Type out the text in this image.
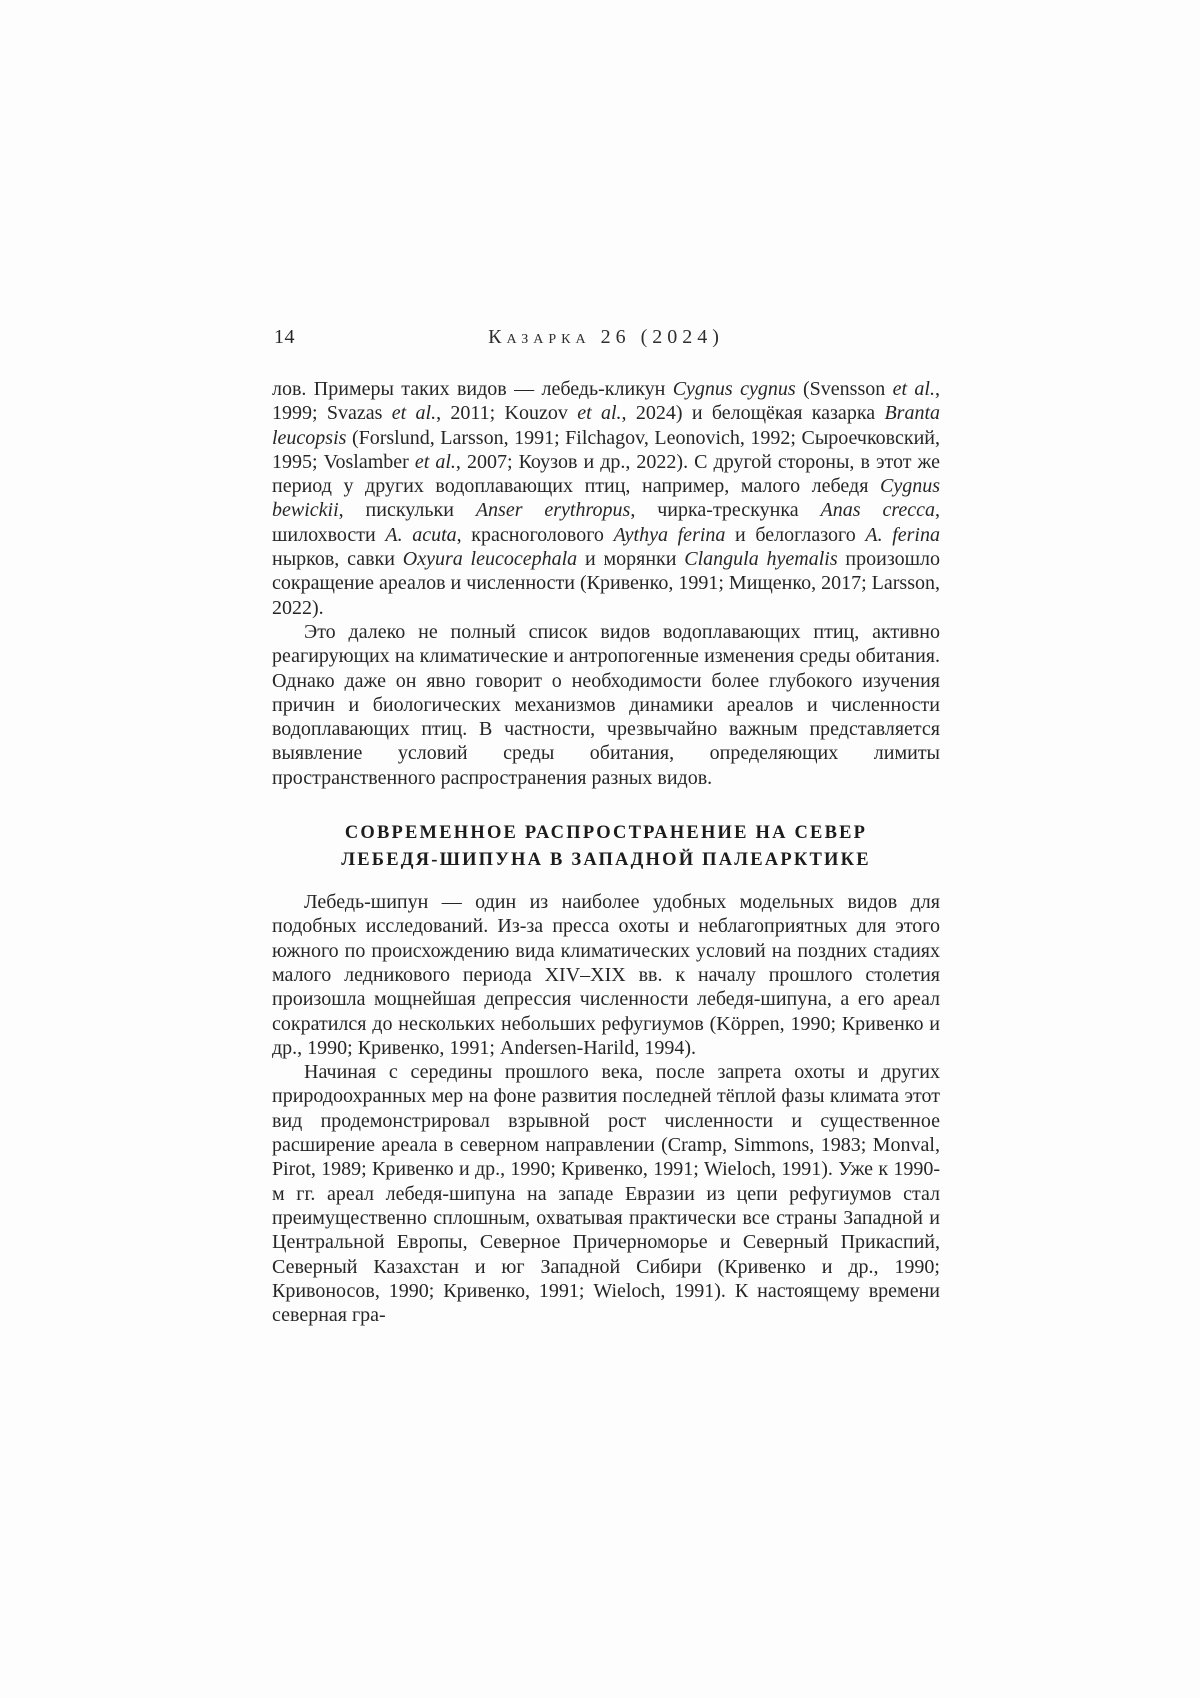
14	Казарка 26 (2024)

лов. Примеры таких видов — лебедь-кликун Cygnus cygnus (Svensson et al., 1999; Svazas et al., 2011; Kouzov et al., 2024) и белощёкая казарка Branta leucopsis (Forslund, Larsson, 1991; Filchagov, Leonovich, 1992; Сыроечковский, 1995; Voslamber et al., 2007; Коузов и др., 2022). С другой стороны, в этот же период у других водоплавающих птиц, например, малого лебедя Cygnus bewickii, пискульки Anser erythropus, чирка-трескунка Anas crecca, шилохвости A. acuta, красноголового Aythya ferina и белоглазого A. ferina нырков, савки Oxyura leucocephala и морянки Clangula hyemalis произошло сокращение ареалов и численности (Кривенко, 1991; Мищенко, 2017; Larsson, 2022).

Это далеко не полный список видов водоплавающих птиц, активно реагирующих на климатические и антропогенные изменения среды обитания. Однако даже он явно говорит о необходимости более глубокого изучения причин и биологических механизмов динамики ареалов и численности водоплавающих птиц. В частности, чрезвычайно важным представляется выявление условий среды обитания, определяющих лимиты пространственного распространения разных видов.

СОВРЕМЕННОЕ РАСПРОСТРАНЕНИЕ НА СЕВЕР
ЛЕБЕДЯ-ШИПУНА В ЗАПАДНОЙ ПАЛЕАРКТИКЕ

Лебедь-шипун — один из наиболее удобных модельных видов для подобных исследований. Из-за пресса охоты и неблагоприятных для этого южного по происхождению вида климатических условий на поздних стадиях малого ледникового периода XIV–XIX вв. к началу прошлого столетия произошла мощнейшая депрессия численности лебедя-шипуна, а его ареал сократился до нескольких небольших рефугиумов (Köppen, 1990; Кривенко и др., 1990; Кривенко, 1991; Andersen-Harild, 1994).

Начиная с середины прошлого века, после запрета охоты и других природоохранных мер на фоне развития последней тёплой фазы климата этот вид продемонстрировал взрывной рост численности и существенное расширение ареала в северном направлении (Cramp, Simmons, 1983; Monval, Pirot, 1989; Кривенко и др., 1990; Кривенко, 1991; Wieloch, 1991). Уже к 1990-м гг. ареал лебедя-шипуна на западе Евразии из цепи рефугиумов стал преимущественно сплошным, охватывая практически все страны Западной и Центральной Европы, Северное Причерноморье и Северный Прикаспий, Северный Казахстан и юг Западной Сибири (Кривенко и др., 1990; Кривоносов, 1990; Кривенко, 1991; Wieloch, 1991). К настоящему времени северная гра-
